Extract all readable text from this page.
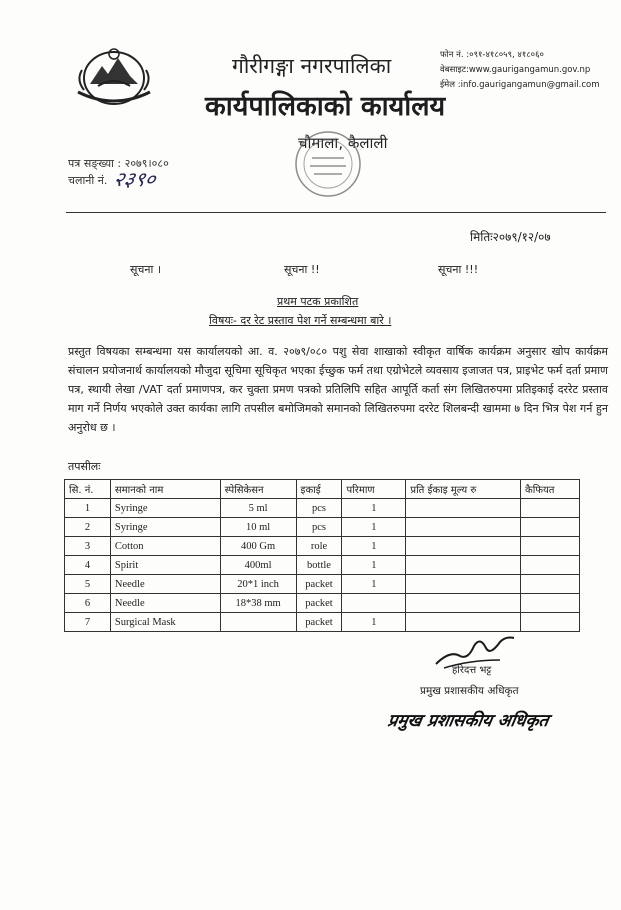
गौरीगङ्गा नगरपालिका
कार्यपालिकाको कार्यालय
चौमाला, कैलाली
फोन नं. :०९१-४१८०५९, ४१८०६०
वेबसाइट:www.gaurigangamun.gov.np
ईमेल :info.gaurigangamun@gmail.com
पत्र सङ्ख्या : २०७९।०८०
चलानी नं. २३९०
मितिः२०७९/१२/०७
सूचना ।	सूचना !!	सूचना !!!
प्रथम पटक प्रकाशित
विषयः- दर रेट प्रस्ताव पेश गर्ने सम्बन्धमा बारे ।
प्रस्तुत विषयका सम्बन्धमा यस कार्यालयको आ. व. २०७९/०८० पशु सेवा शाखाको स्वीकृत वार्षिक कार्यक्रम अनुसार खोप कार्यक्रम संचालन प्रयोजनार्थ कार्यालयको मौजुदा सूचिमा सूचिकृत भएका ईच्छुक फर्म तथा एग्रोभेटले व्यवसाय इजाजत पत्र, प्राइभेट फर्म दर्ता प्रमाण पत्र, स्थायी लेखा /VAT दर्ता प्रमाणपत्र, कर चुक्ता प्रमण पत्रको प्रतिलिपि सहित आपूर्ति कर्ता संग लिखितरुपमा प्रतिइकाई दररेट प्रस्ताव माग गर्ने निर्णय भएकोले उक्त कार्यका लागि तपसील बमोजिमको समानको लिखितरुपमा दररेट शिलबन्दी खाममा ७ दिन भित्र पेश गर्न हुन अनुरोध छ ।
तपसीलः
सि. नं.	समानको नाम	स्पेसिकेसन	इकाई	परिमाण	प्रति ईकाइ मूल्य रु	कैफियत
1	Syringe	5 ml	pcs	1		
2	Syringe	10 ml	pcs	1		
3	Cotton	400 Gm	role	1		
4	Spirit	400ml	bottle	1		
5	Needle	20*1 inch	packet	1		
6	Needle	18*38 mm	packet			
7	Surgical Mask		packet	1		
हरिदत्त भट्ट
प्रमुख प्रशासकीय अधिकृत
प्रमुख प्रशासकीय अधिकृत
